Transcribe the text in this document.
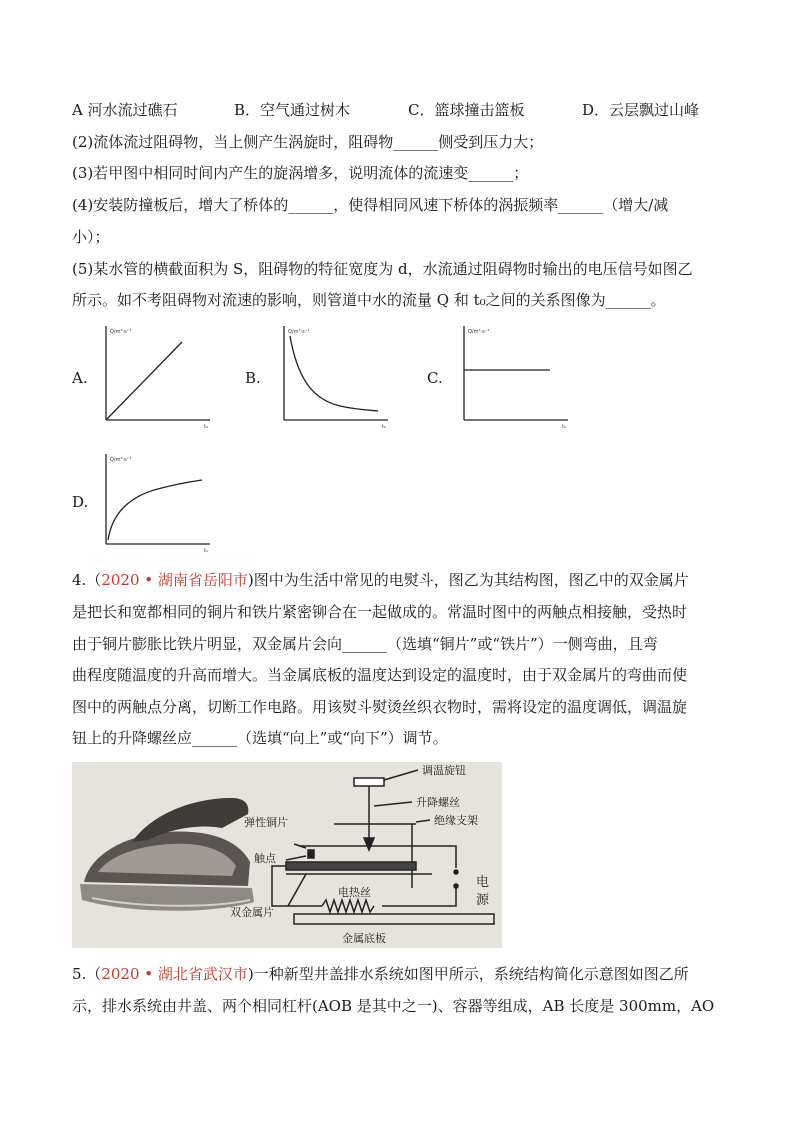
A 河水流过礁石	B．空气通过树木	C．篮球撞击篮板	D．云层飘过山峰
(2)流体流过阻碍物，当上侧产生涡旋时，阻碍物______侧受到压力大；
(3)若甲图中相同时间内产生的旋涡增多，说明流体的流速变______；
(4)安装防撞板后，增大了桥体的______，使得相同风速下桥体的涡振频率______（增大/减
小）；
(5)某水管的横截面积为 S，阻碍物的特征宽度为 d，水流通过阻碍物时输出的电压信号如图乙
所示。如不考阻碍物对流速的影响，则管道中水的流量 Q 和 t₀之间的关系图像为______。
A.
Q/m³·s⁻¹
t₀
B.
Q/m³·s⁻¹
t₀
C.
Q/m³·s⁻¹
t₀
D.
Q/m³·s⁻¹
t₀
4.（2020 • 湖南省岳阳市)图中为生活中常见的电熨斗，图乙为其结构图，图乙中的双金属片
是把长和宽都相同的铜片和铁片紧密铆合在一起做成的。常温时图中的两触点相接触，受热时
由于铜片膨胀比铁片明显，双金属片会向______（选填“铜片”或“铁片”）一侧弯曲，且弯
曲程度随温度的升高而增大。当金属底板的温度达到设定的温度时，由于双金属片的弯曲而使
图中的两触点分离，切断工作电路。用该熨斗熨烫丝织衣物时，需将设定的温度调低，调温旋
钮上的升降螺丝应______（选填“向上”或“向下”）调节。
调温旋钮
升降螺丝
绝缘支架
弹性铜片
触点
电热丝
双金属片
金属底板
电
源
5.（2020 • 湖北省武汉市)一种新型井盖排水系统如图甲所示，系统结构简化示意图如图乙所
示，排水系统由井盖、两个相同杠杆(AOB 是其中之一)、容器等组成，AB 长度是 300mm，AO
